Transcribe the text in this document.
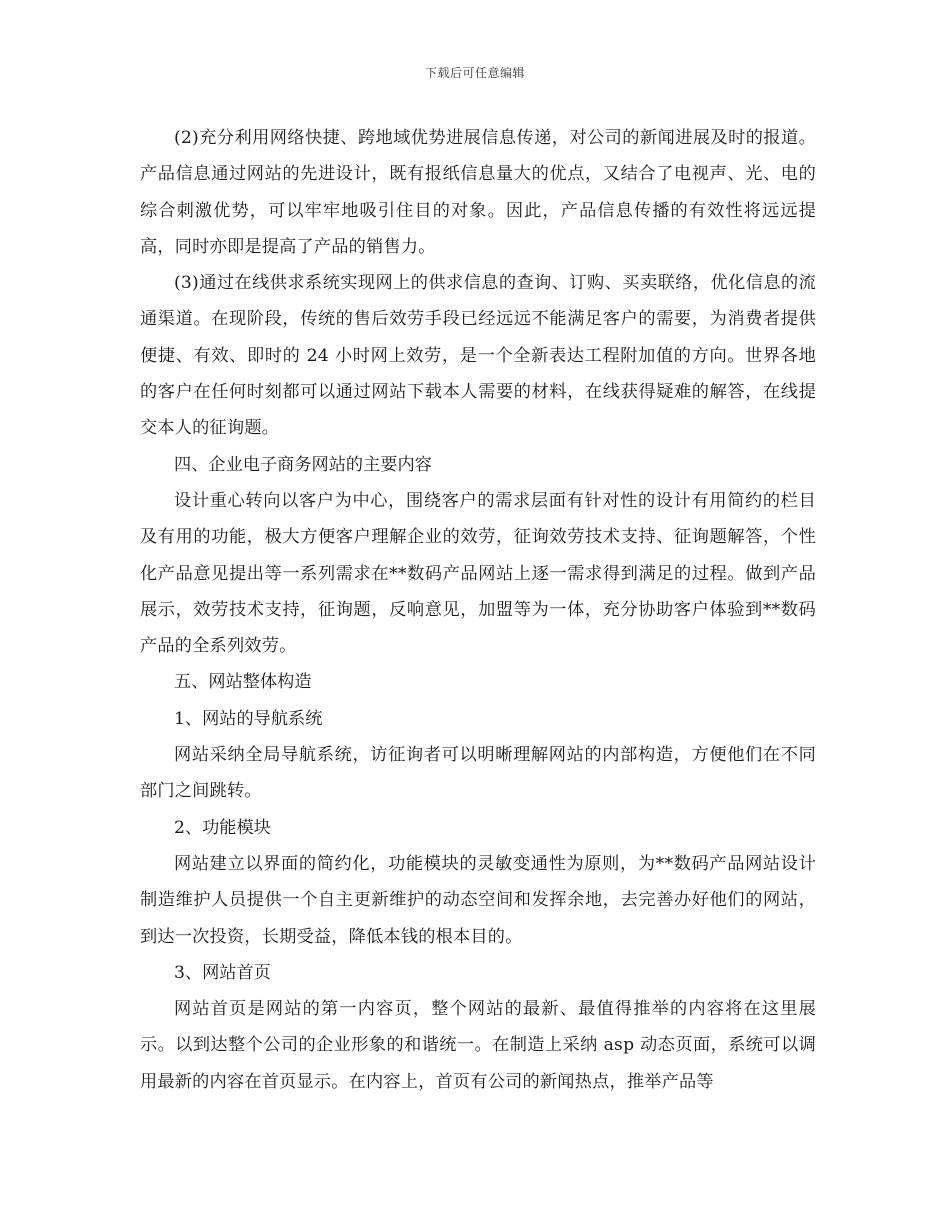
下载后可任意编辑

(2)充分利用网络快捷、跨地域优势进展信息传递，对公司的新闻进展及时的报道。产品信息通过网站的先进设计，既有报纸信息量大的优点，又结合了电视声、光、电的综合刺激优势，可以牢牢地吸引住目的对象。因此，产品信息传播的有效性将远远提高，同时亦即是提高了产品的销售力。

(3)通过在线供求系统实现网上的供求信息的查询、订购、买卖联络，优化信息的流通渠道。在现阶段，传统的售后效劳手段已经远远不能满足客户的需要，为消费者提供便捷、有效、即时的 24 小时网上效劳，是一个全新表达工程附加值的方向。世界各地的客户在任何时刻都可以通过网站下载本人需要的材料，在线获得疑难的解答，在线提交本人的征询题。

四、企业电子商务网站的主要内容

设计重心转向以客户为中心，围绕客户的需求层面有针对性的设计有用简约的栏目及有用的功能，极大方便客户理解企业的效劳，征询效劳技术支持、征询题解答，个性化产品意见提出等一系列需求在**数码产品网站上逐一需求得到满足的过程。做到产品展示，效劳技术支持，征询题，反响意见，加盟等为一体，充分协助客户体验到**数码产品的全系列效劳。

五、网站整体构造

1、网站的导航系统

网站采纳全局导航系统，访征询者可以明晰理解网站的内部构造，方便他们在不同部门之间跳转。

2、功能模块

网站建立以界面的简约化，功能模块的灵敏变通性为原则，为**数码产品网站设计制造维护人员提供一个自主更新维护的动态空间和发挥余地，去完善办好他们的网站，到达一次投资，长期受益，降低本钱的根本目的。

3、网站首页

网站首页是网站的第一内容页，整个网站的最新、最值得推举的内容将在这里展示。以到达整个公司的企业形象的和谐统一。在制造上采纳 asp 动态页面，系统可以调用最新的内容在首页显示。在内容上，首页有公司的新闻热点，推举产品等
